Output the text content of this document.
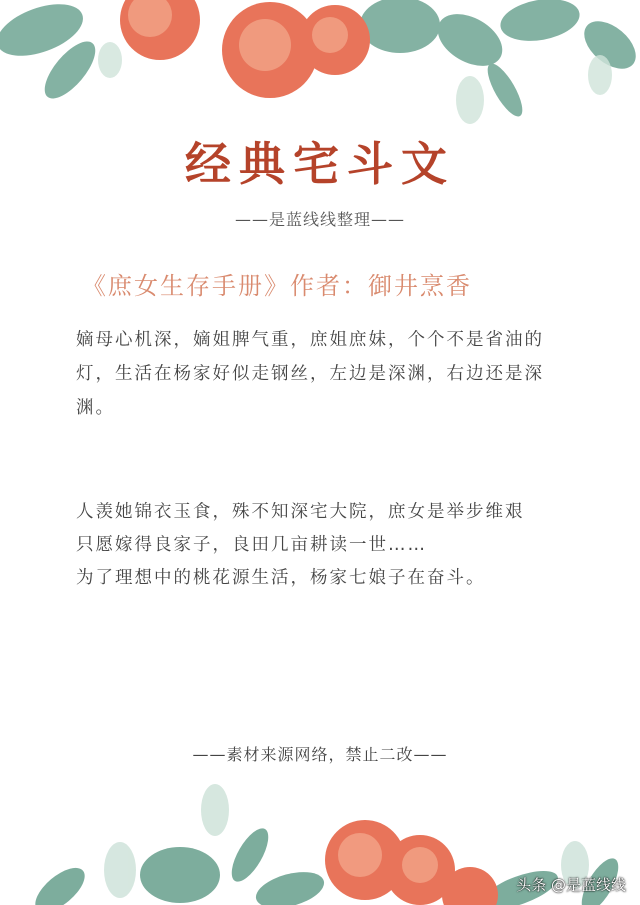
经典宅斗文
——是蓝线线整理——
《庶女生存手册》作者：御井烹香
嫡母心机深，嫡姐脾气重，庶姐庶妹，个个不是省油的
灯，生活在杨家好似走钢丝，左边是深渊，右边还是深
渊。
人羡她锦衣玉食，殊不知深宅大院，庶女是举步维艰
只愿嫁得良家子，良田几亩耕读一世……
为了理想中的桃花源生活，杨家七娘子在奋斗。
——素材来源网络，禁止二改——
头条 @是蓝线线
